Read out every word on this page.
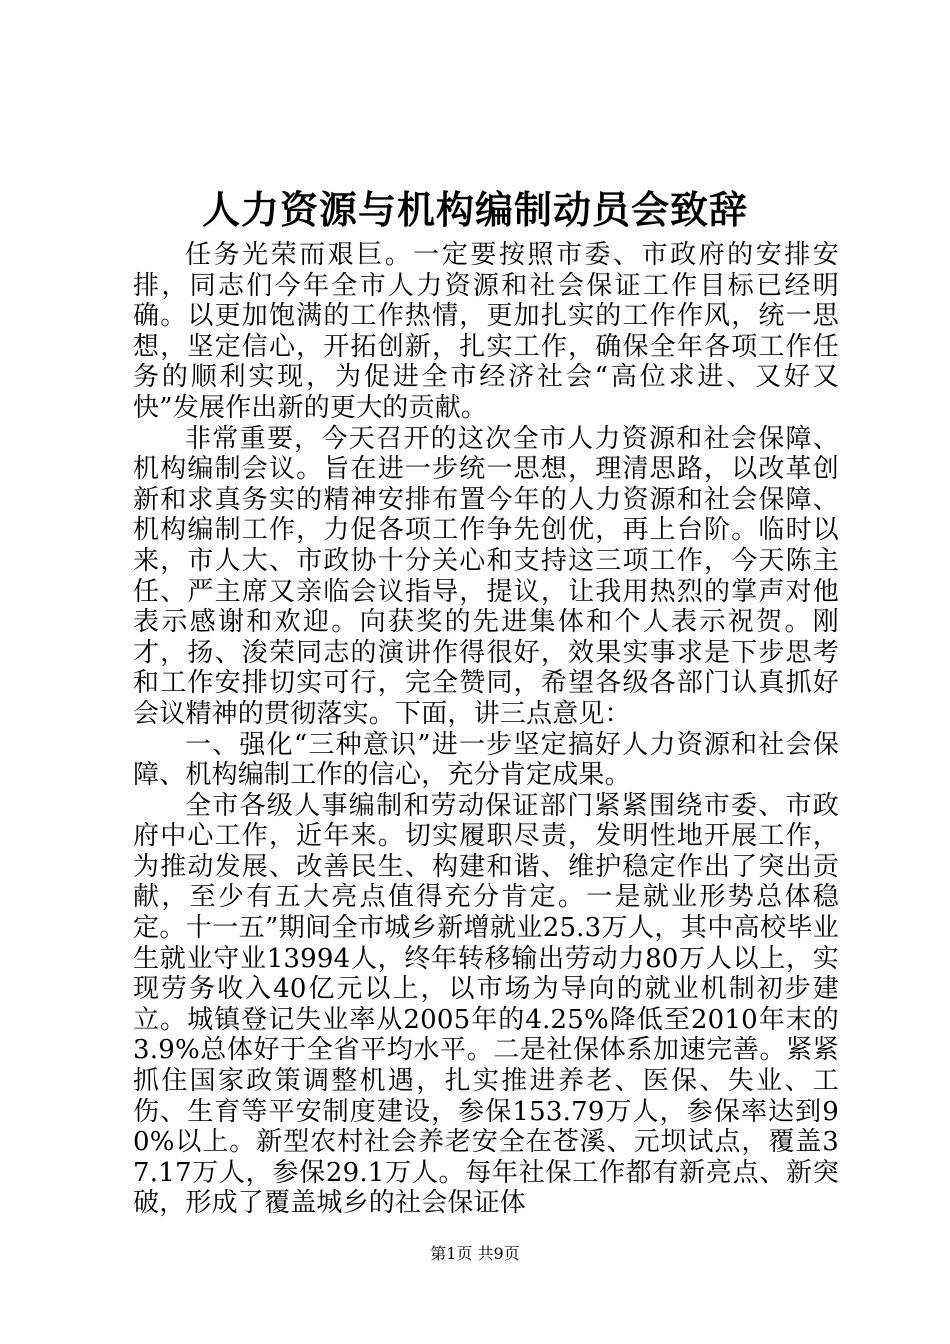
人力资源与机构编制动员会致辞

任务光荣而艰巨。一定要按照市委、市政府的安排安排，同志们今年全市人力资源和社会保证工作目标已经明确。以更加饱满的工作热情，更加扎实的工作作风，统一思想，坚定信心，开拓创新，扎实工作，确保全年各项工作任务的顺利实现，为促进全市经济社会“高位求进、又好又快”发展作出新的更大的贡献。

非常重要，今天召开的这次全市人力资源和社会保障、机构编制会议。旨在进一步统一思想，理清思路，以改革创新和求真务实的精神安排布置今年的人力资源和社会保障、机构编制工作，力促各项工作争先创优，再上台阶。临时以来，市人大、市政协十分关心和支持这三项工作，今天陈主任、严主席又亲临会议指导，提议，让我用热烈的掌声对他表示感谢和欢迎。向获奖的先进集体和个人表示祝贺。刚才，扬、浚荣同志的演讲作得很好，效果实事求是下步思考和工作安排切实可行，完全赞同，希望各级各部门认真抓好会议精神的贯彻落实。下面，讲三点意见：

一、强化“三种意识”进一步坚定搞好人力资源和社会保障、机构编制工作的信心，充分肯定成果。

全市各级人事编制和劳动保证部门紧紧围绕市委、市政府中心工作，近年来。切实履职尽责，发明性地开展工作，为推动发展、改善民生、构建和谐、维护稳定作出了突出贡献，至少有五大亮点值得充分肯定。一是就业形势总体稳定。十一五”期间全市城乡新增就业25.3万人，其中高校毕业生就业守业13994人，终年转移输出劳动力80万人以上，实现劳务收入40亿元以上，以市场为导向的就业机制初步建立。城镇登记失业率从2005年的4.25%降低至2010年末的3.9%总体好于全省平均水平。二是社保体系加速完善。紧紧抓住国家政策调整机遇，扎实推进养老、医保、失业、工伤、生育等平安制度建设，参保153.79万人，参保率达到90%以上。新型农村社会养老安全在苍溪、元坝试点，覆盖37.17万人，参保29.1万人。每年社保工作都有新亮点、新突破，形成了覆盖城乡的社会保证体

第1页 共9页
